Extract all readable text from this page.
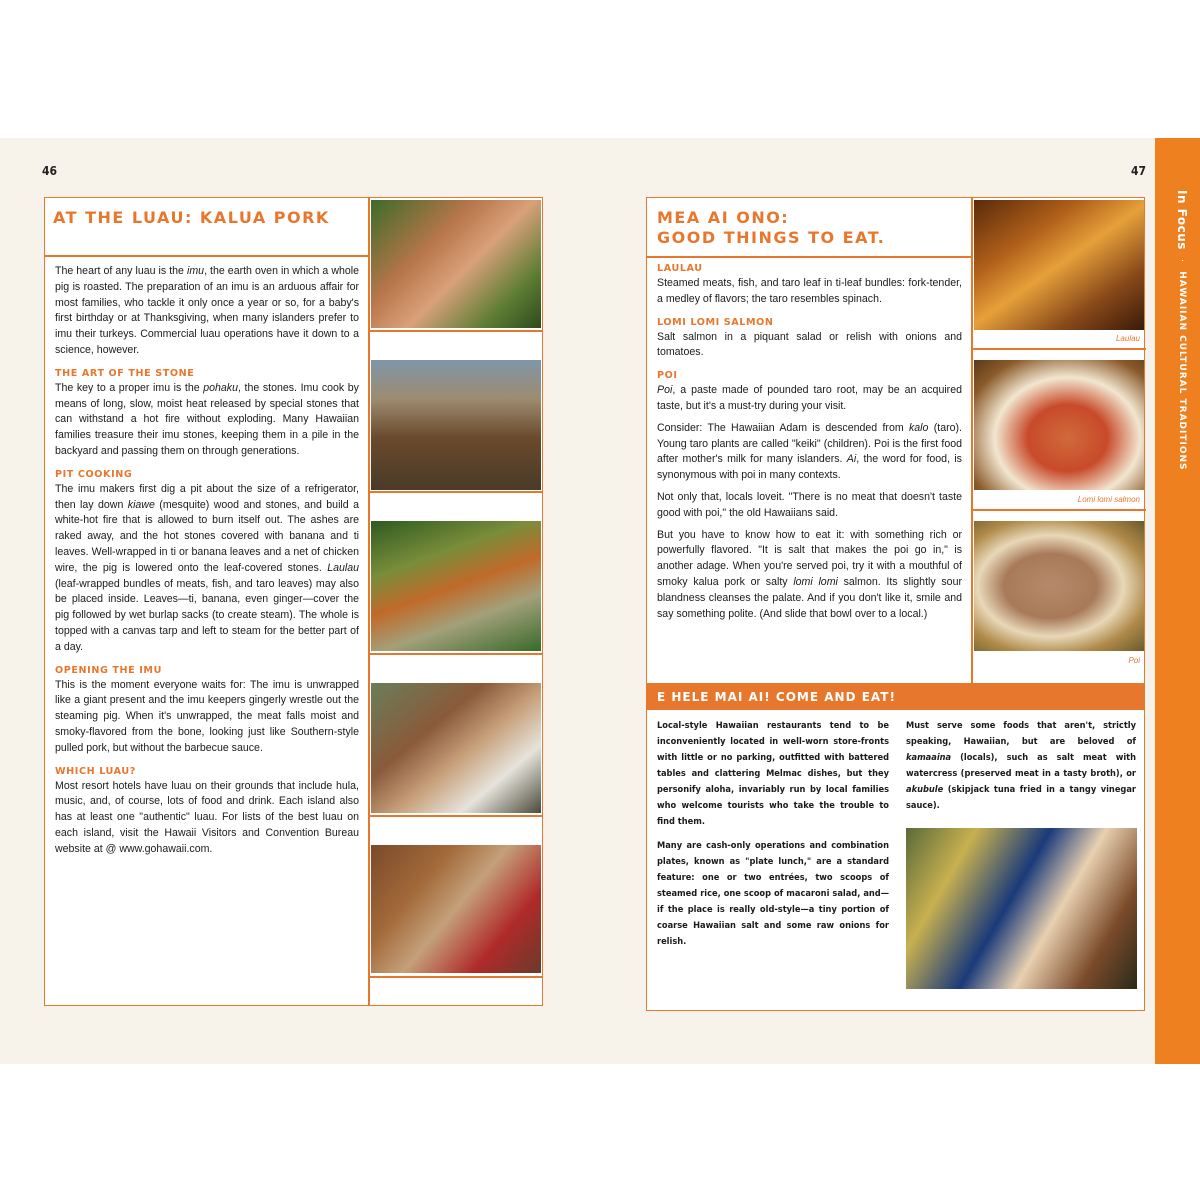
46
AT THE LUAU: KALUA PORK

The heart of any luau is the imu, the earth oven in which a whole pig is roasted. The preparation of an imu is an arduous affair for most families, who tackle it only once a year or so, for a baby's first birthday or at Thanksgiving, when many islanders prefer to imu their turkeys. Commercial luau operations have it down to a science, however.

THE ART OF THE STONE

The key to a proper imu is the pohaku, the stones. Imu cook by means of long, slow, moist heat released by special stones that can withstand a hot fire without exploding. Many Hawaiian families treasure their imu stones, keeping them in a pile in the backyard and passing them on through generations.

PIT COOKING

The imu makers first dig a pit about the size of a refrigerator, then lay down kiawe (mesquite) wood and stones, and build a white-hot fire that is allowed to burn itself out. The ashes are raked away, and the hot stones covered with banana and ti leaves. Well-wrapped in ti or banana leaves and a net of chicken wire, the pig is lowered onto the leaf-covered stones. Laulau (leaf-wrapped bundles of meats, fish, and taro leaves) may also be placed inside. Leaves—ti, banana, even ginger—cover the pig followed by wet burlap sacks (to create steam). The whole is topped with a canvas tarp and left to steam for the better part of a day.

OPENING THE IMU

This is the moment everyone waits for: The imu is unwrapped like a giant present and the imu keepers gingerly wrestle out the steaming pig. When it's unwrapped, the meat falls moist and smoky-flavored from the bone, looking just like Southern-style pulled pork, but without the barbecue sauce.

WHICH LUAU?

Most resort hotels have luau on their grounds that include hula, music, and, of course, lots of food and drink. Each island also has at least one "authentic" luau. For lists of the best luau on each island, visit the Hawaii Visitors and Convention Bureau website at @ www.gohawaii.com.

47
MEA AI ONO:
GOOD THINGS TO EAT.
LAULAU

Steamed meats, fish, and taro leaf in ti-leaf bundles: fork-tender, a medley of flavors; the taro resembles spinach.

LOMI LOMI SALMON

Salt salmon in a piquant salad or relish with onions and tomatoes.

POI

Poi, a paste made of pounded taro root, may be an acquired taste, but it's a must-try during your visit.

Consider: The Hawaiian Adam is descended from kalo (taro). Young taro plants are called "keiki" (children). Poi is the first food after mother's milk for many islanders. Ai, the word for food, is synonymous with poi in many contexts.

Not only that, locals loveit. "There is no meat that doesn't taste good with poi," the old Hawaiians said.

But you have to know how to eat it: with something rich or powerfully flavored. "It is salt that makes the poi go in," is another adage. When you're served poi, try it with a mouthful of smoky kalua pork or salty lomi lomi salmon. Its slightly sour blandness cleanses the palate. And if you don't like it, smile and say something polite. (And slide that bowl over to a local.)

Laulau
Lomi lomi salmon
Poi
E HELE MAI AI! COME AND EAT!

Local-style Hawaiian restaurants tend to be inconveniently located in well-worn store-fronts with little or no parking, outfitted with battered tables and clattering Melmac dishes, but they personify aloha, invariably run by local families who welcome tourists who take the trouble to find them.

Many are cash-only operations and combination plates, known as "plate lunch," are a standard feature: one or two entrées, two scoops of steamed rice, one scoop of macaroni salad, and—if the place is really old-style—a tiny portion of coarse Hawaiian salt and some raw onions for relish.

Must serve some foods that aren't, strictly speaking, Hawaiian, but are beloved of kamaaina (locals), such as salt meat with watercress (preserved meat in a tasty broth), or akubule (skipjack tuna fried in a tangy vinegar sauce).

In Focus  HAWAIIAN CULTURAL TRADITIONS
